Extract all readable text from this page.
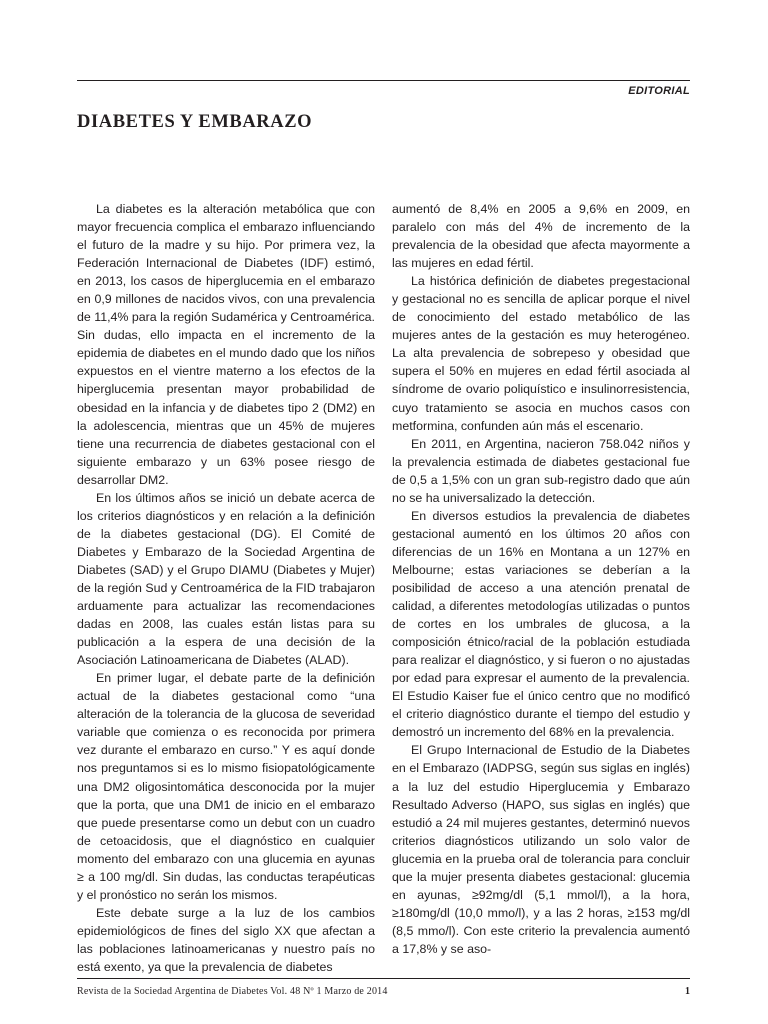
EDITORIAL
DIABETES Y EMBARAZO

La diabetes es la alteración metabólica que con mayor frecuencia complica el embarazo influenciando el futuro de la madre y su hijo. Por primera vez, la Federación Internacional de Diabetes (IDF) estimó, en 2013, los casos de hiperglucemia en el embarazo en 0,9 millones de nacidos vivos, con una prevalencia de 11,4% para la región Sudamérica y Centroamérica. Sin dudas, ello impacta en el incremento de la epidemia de diabetes en el mundo dado que los niños expuestos en el vientre materno a los efectos de la hiperglucemia presentan mayor probabilidad de obesidad en la infancia y de diabetes tipo 2 (DM2) en la adolescencia, mientras que un 45% de mujeres tiene una recurrencia de diabetes gestacional con el siguiente embarazo y un 63% posee riesgo de desarrollar DM2.

En los últimos años se inició un debate acerca de los criterios diagnósticos y en relación a la definición de la diabetes gestacional (DG). El Comité de Diabetes y Embarazo de la Sociedad Argentina de Diabetes (SAD) y el Grupo DIAMU (Diabetes y Mujer) de la región Sud y Centroamérica de la FID trabajaron arduamente para actualizar las recomendaciones dadas en 2008, las cuales están listas para su publicación a la espera de una decisión de la Asociación Latinoamericana de Diabetes (ALAD).

En primer lugar, el debate parte de la definición actual de la diabetes gestacional como “una alteración de la tolerancia de la glucosa de severidad variable que comienza o es reconocida por primera vez durante el embarazo en curso.” Y es aquí donde nos preguntamos si es lo mismo fisiopatológicamente una DM2 oligosintomática desconocida por la mujer que la porta, que una DM1 de inicio en el embarazo que puede presentarse como un debut con un cuadro de cetoacidosis, que el diagnóstico en cualquier momento del embarazo con una glucemia en ayunas ≥ a 100 mg/dl. Sin dudas, las conductas terapéuticas y el pronóstico no serán los mismos.

Este debate surge a la luz de los cambios epidemiológicos de fines del siglo XX que afectan a las poblaciones latinoamericanas y nuestro país no está exento, ya que la prevalencia de diabetes

aumentó de 8,4% en 2005 a 9,6% en 2009, en paralelo con más del 4% de incremento de la prevalencia de la obesidad que afecta mayormente a las mujeres en edad fértil.

La histórica definición de diabetes pregestacional y gestacional no es sencilla de aplicar porque el nivel de conocimiento del estado metabólico de las mujeres antes de la gestación es muy heterogéneo. La alta prevalencia de sobrepeso y obesidad que supera el 50% en mujeres en edad fértil asociada al síndrome de ovario poliquístico e insulinorresistencia, cuyo tratamiento se asocia en muchos casos con metformina, confunden aún más el escenario.

En 2011, en Argentina, nacieron 758.042 niños y la prevalencia estimada de diabetes gestacional fue de 0,5 a 1,5% con un gran sub-registro dado que aún no se ha universalizado la detección.

En diversos estudios la prevalencia de diabetes gestacional aumentó en los últimos 20 años con diferencias de un 16% en Montana a un 127% en Melbourne; estas variaciones se deberían a la posibilidad de acceso a una atención prenatal de calidad, a diferentes metodologías utilizadas o puntos de cortes en los umbrales de glucosa, a la composición étnico/racial de la población estudiada para realizar el diagnóstico, y si fueron o no ajustadas por edad para expresar el aumento de la prevalencia. El Estudio Kaiser fue el único centro que no modificó el criterio diagnóstico durante el tiempo del estudio y demostró un incremento del 68% en la prevalencia.

El Grupo Internacional de Estudio de la Diabetes en el Embarazo (IADPSG, según sus siglas en inglés) a la luz del estudio Hiperglucemia y Embarazo Resultado Adverso (HAPO, sus siglas en inglés) que estudió a 24 mil mujeres gestantes, determinó nuevos criterios diagnósticos utilizando un solo valor de glucemia en la prueba oral de tolerancia para concluir que la mujer presenta diabetes gestacional: glucemia en ayunas, ≥92mg/dl (5,1 mmol/l), a la hora, ≥180mg/dl (10,0 mmo/l), y a las 2 horas, ≥153 mg/dl (8,5 mmo/l). Con este criterio la prevalencia aumentó a 17,8% y se aso-

Revista de la Sociedad Argentina de Diabetes Vol. 48 Nº 1 Marzo de 2014	1
